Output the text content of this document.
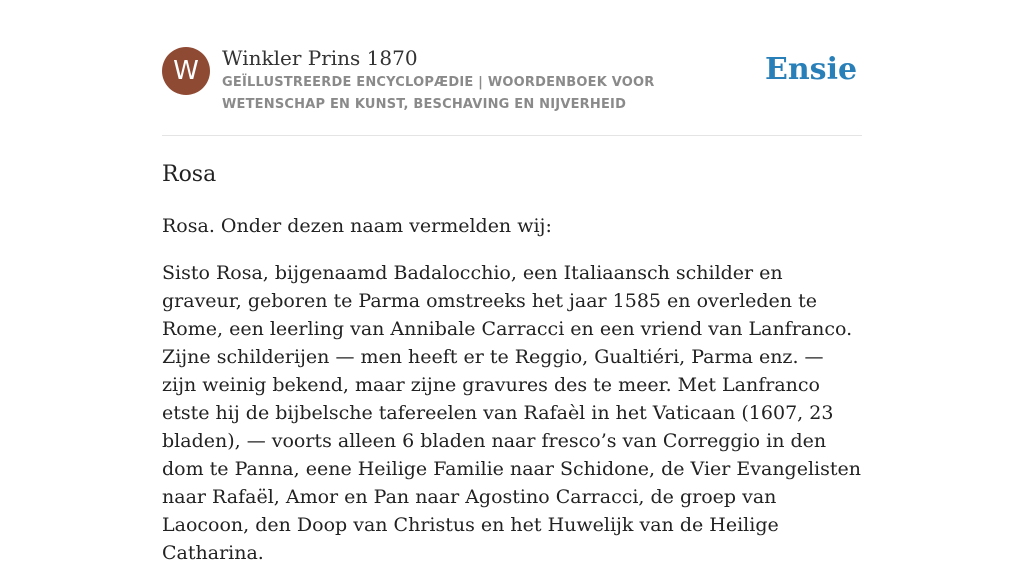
W	Winkler Prins 1870
GEÏLLUSTREERDE ENCYCLOPÆDIE | WOORDENBOEK VOOR WETENSCHAP EN KUNST, BESCHAVING EN NIJVERHEID
Ensie
Rosa

Rosa. Onder dezen naam vermelden wij:

Sisto Rosa, bijgenaamd Badalocchio, een Italiaansch schilder en graveur, geboren te Parma omstreeks het jaar 1585 en overleden te Rome, een leerling van Annibale Carracci en een vriend van Lanfranco. Zijne schilderijen — men heeft er te Reggio, Gualtiéri, Parma enz. — zijn weinig bekend, maar zijne gravures des te meer. Met Lanfranco etste hij de bijbelsche tafereelen van Rafaèl in het Vaticaan (1607, 23 bladen), — voorts alleen 6 bladen naar fresco’s van Correggio in den dom te Panna, eene Heilige Familie naar Schidone, de Vier Evangelisten naar Rafaël, Amor en Pan naar Agostino Carracci, de groep van Laocoon, den Doop van Christus en het Huwelijk van de Heilige Catharina.
